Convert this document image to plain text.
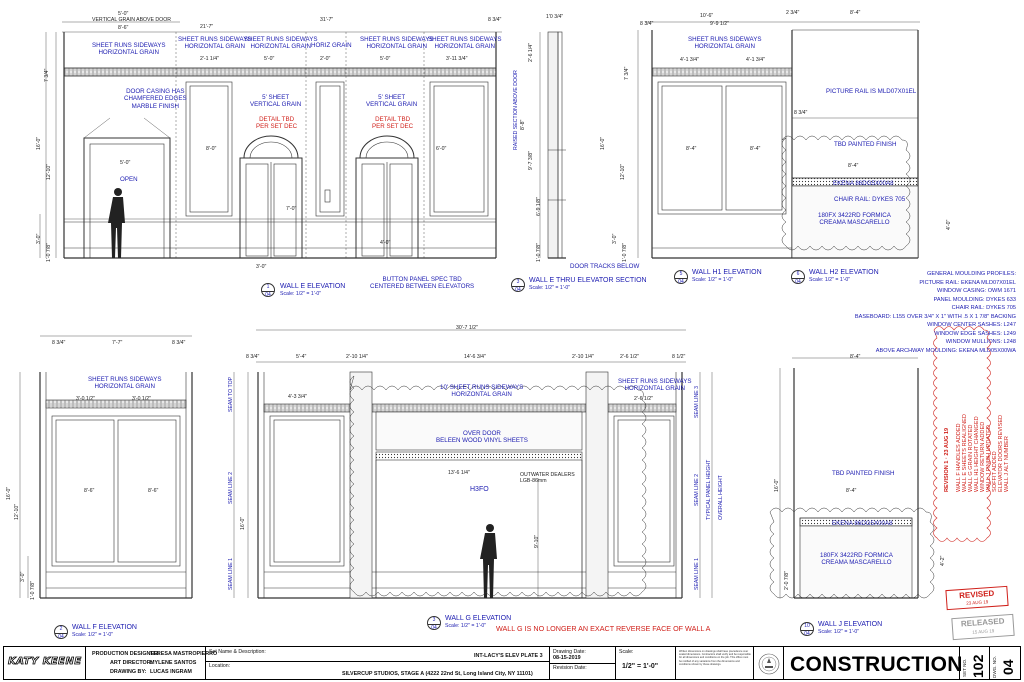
5'-0"
VERTICAL GRAIN ABOVE DOOR
8'-6"	21'-7"
31'-7"	8 3/4"
SHEET RUNS SIDEWAYS
HORIZONTAL GRAIN
SHEET RUNS SIDEWAYS
HORIZONTAL GRAIN
SHEET RUNS SIDEWAYS
HORIZONTAL GRAIN HORIZ GRAIN
SHEET RUNS SIDEWAYS
HORIZONTAL GRAIN
SHEET RUNS SIDEWAYS
HORIZONTAL GRAIN
2'-1 1/4"	5'-0"	2'-0"	5'-0"	3'-11 3/4"
DOOR CASING HAS
CHAMFERED EDGES
MARBLE FINISH
5' SHEET
VERTICAL GRAIN
5' SHEET
VERTICAL GRAIN
DETAIL TBD
PER SET DEC
DETAIL TBD
PER SET DEC
OPEN
5'-0"
8'-0"	6'-0"
7'-0"
4'-0"
3'-0"
BUTTON PANEL SPEC TBD
CENTERED BETWEEN ELEVATORS
7 3/4"
16'-0"
12'-10"
3'-0"
1'-0 7/8"
1
04
WALL E ELEVATION
Scale: 1/2" = 1'-0"
1'0 3/4"
RAISED SECTION ABOVE DOOR
2'-6 1/4"
8'-8"
9'-7 3/8"
6'-9 1/8"
1'-0 7/8"
DOOR TRACKS BELOW
3
04
WALL E THRU ELEVATOR SECTION
Scale: 1/2" = 1'-0"
10'-6"
8 3/4"	9'-9 1/2"
SHEET RUNS SIDEWAYS
HORIZONTAL GRAIN
4'-1 3/4"	4'-1 3/4"
8'-4"	8'-4"
7 3/4"
16'-0"
12'-10"
3'-0"
1'-0 7/8"
5
04
WALL H1 ELEVATION
Scale: 1/2" = 1'-0"
2 3/4"	8'-4"
PICTURE RAIL IS MLD07X01EL
8 3/4"
TBD PAINTED FINISH
8'-4"
EKENA 86DG5X00A8
CHAIR RAIL: DYKES 705
180FX 3422RD FORMICA
CREAMA MASCARELLO	4'-0"
6
04
WALL H2 ELEVATION
Scale: 1/2" = 1'-0"
GENERAL MOULDING PROFILES:
PICTURE RAIL: EKENA MLD07X01EL
WINDOW CASING: OWM 1671
PANEL MOULDING: DYKES 633
CHAIR RAIL: DYKES 705
BASEBOARD: L155 OVER 3/4" X 1" WITH .5 X 1 7/8" BACKING
WINDOW CENTER SASHES: L247
WINDOW EDGE SASHES: L249
WINDOW MULLIONS: L248
ABOVE ARCHWAY MOULDING: EKENA MLD05X00WA
8 3/4"	7'-7"	8 3/4"
SHEET RUNS SIDEWAYS
HORIZONTAL GRAIN
3'-0 1/2"	3'-0 1/2"
8'-6"	8'-6"
16'-0"
12'-10"
3'-0"
1'-0 7/8"
2
04
WALL F ELEVATION
Scale: 1/2" = 1'-0"
30'-7 1/2"
8 3/4"	5'-4"	2'-10 1/4"	14'-6 3/4"	2'-10 1/4"	2'-6 1/2"	8 1/2"
10' SHEET RUNS SIDEWAYS
HORIZONTAL GRAIN
SHEET RUNS SIDEWAYS
HORIZONTAL GRAIN
4'-3 3/4"	2'-6 1/2"
OVER DOOR
BELEEN WOOD VINYL SHEETS
13'-6 1/4"	OUTWATER DEALERS
LGB-86mm
H3FO
9'-10"
SEAM TO TOP
SEAM LINE 2
SEAM LINE 1
16'-0"
SEAM LINE 3
SEAM LINE 2
SEAM LINE 1
TYPICAL PANEL HEIGHT OVERALL HEIGHT
3
04
WALL G ELEVATION
Scale: 1/2" = 1'-0" WALL G IS NO LONGER AN EXACT REVERSE FACE OF WALL A
8'-4"
TBD PAINTED FINISH
8'-4"
EKENA 86DG5X00A8
180FX 3422RD FORMICA
CREAMA MASCARELLO
16'-0"
4'-2"
2'-0 7/8"
10
04
WALL J ELEVATION
Scale: 1/2" = 1'-0"
REVISION 1 · 23 AUG 19 WALL F HANDLES ADDED WALL E SHEETS REALIGNED WALL G GRAIN ROTATED WALL H1 HEIGHT CHANGED WINDOW RETURN ADDED WALL J FINISH UPDATED SOFFIT ADDED ELEVATOR DOORS REVISED WALL J ALT NUMBER
REVISED
23 AUG 19
RELEASED
15 AUG 19
KATY KEENE
PRODUCTION DESIGNER:
TERESA MASTROPIERRO
ART DIRECTOR:
MYLENE SANTOS
DRAWING BY: LUCAS INGRAM
Set Name & Description:
INT-LACY'S ELEV PLATE 3
Location:
SILVERCUP STUDIOS, STAGE A (4222 22nd St, Long Island City, NY 11101)
Drawing Date:
08-15-2019
Revision Date:
Scale:
1/2" = 1'-0"
Written dimensions on drawings shall have precedence over scaled dimensions. Contractors shall verify and be responsible for all dimensions and conditions on the job. This office must be notified of any variations from the dimensions and conditions shown by these drawings.	CONSTRUCTION SET NO. 102 DWG. NO. 04
